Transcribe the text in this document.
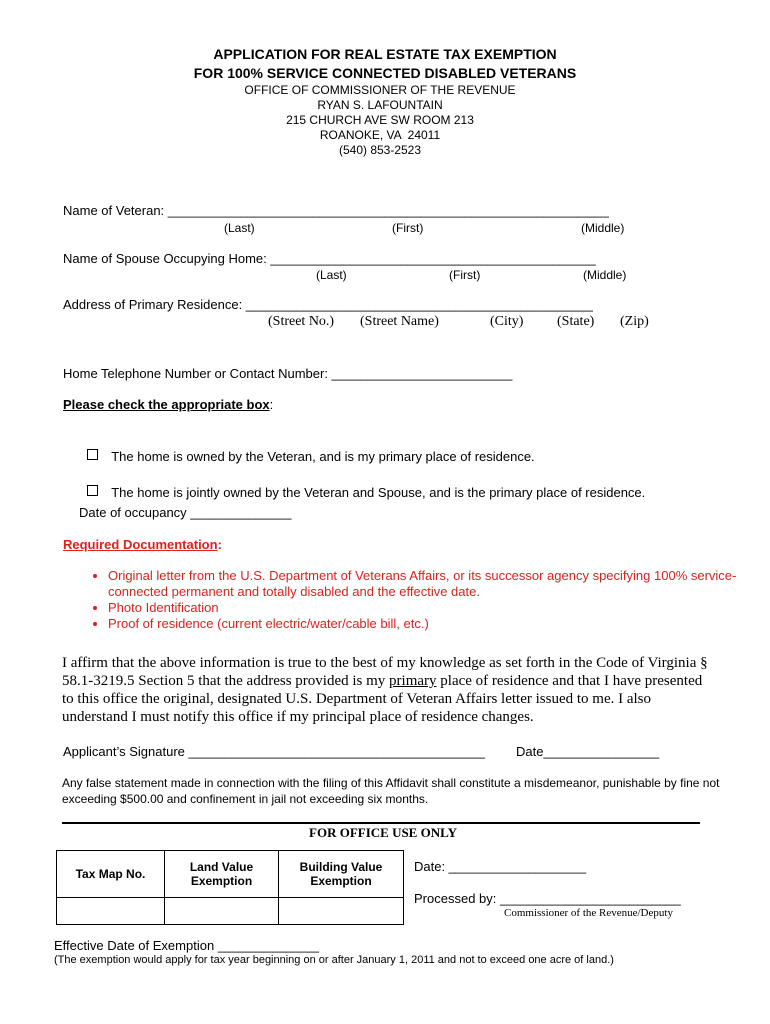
APPLICATION FOR REAL ESTATE TAX EXEMPTION
FOR 100% SERVICE CONNECTED DISABLED VETERANS
OFFICE OF COMMISSIONER OF THE REVENUE
RYAN S. LAFOUNTAIN
215 CHURCH AVE SW ROOM 213
ROANOKE, VA  24011
(540) 853-2523
Name of Veteran: _____________________________________________________________
(Last)	(First)	(Middle)
Name of Spouse Occupying Home: _____________________________________________
(Last)	(First)	(Middle)
Address of Primary Residence: ________________________________________________
(Street No.) (Street Name)	(City) (State) (Zip)
Home Telephone Number or Contact Number: _________________________
Please check the appropriate box:

The home is owned by the Veteran, and is my primary place of residence.

The home is jointly owned by the Veteran and Spouse, and is the primary place of residence.

Date of occupancy ______________
Required Documentation:
• Original letter from the U.S. Department of Veterans Affairs, or its successor agency specifying 100% service-connected permanent and totally disabled and the effective date.
• Photo Identification
• Proof of residence (current electric/water/cable bill, etc.)
I affirm that the above information is true to the best of my knowledge as set forth in the Code of Virginia § 58.1-3219.5 Section 5 that the address provided is my primary place of residence and that I have presented to this office the original, designated U.S. Department of Veteran Affairs letter issued to me. I also understand I must notify this office if my principal place of residence changes.
Applicant’s Signature _________________________________________ Date________________
Any false statement made in connection with the filing of this Affidavit shall constitute a misdemeanor, punishable by fine not exceeding $500.00 and confinement in jail not exceeding six months.
FOR OFFICE USE ONLY
Tax Map No.	Land Value Exemption	Building Value Exemption

Date: ___________________
Processed by: _________________________
Commissioner of the Revenue/Deputy
Effective Date of Exemption ______________
(The exemption would apply for tax year beginning on or after January 1, 2011 and not to exceed one acre of land.)
